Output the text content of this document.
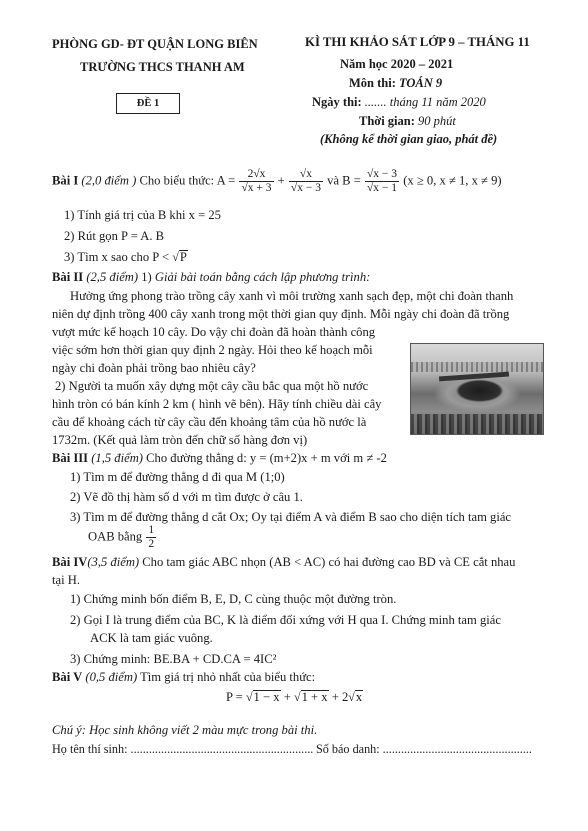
PHÒNG GD- ĐT QUẬN LONG BIÊN
TRƯỜNG THCS THANH AM
ĐỀ 1
KÌ THI KHẢO SÁT LỚP 9 – THÁNG 11
Năm học 2020 – 2021
Môn thi: TOÁN 9
Ngày thi: ....... tháng 11 năm 2020
Thời gian: 90 phút
(Không kể thời gian giao, phát đề)
Bài I (2,0 điểm ) Cho biểu thức: $A = \frac{2√x}{√x + 3} + \frac{√x}{√x - 3}$ và $B = \frac{√x - 3}{√x - 1} (x \ge 0$, x ≠ 1, x ≠ 9)
1) Tính giá trị của B khi x = 25
2) Rút gọn P = A. B
3) Tìm x sao cho P < √P
Bài II (2,5 điểm) 1) Giải bài toán bằng cách lập phương trình:
Hưởng ứng phong trào trồng cây xanh vì môi trường xanh sạch đẹp, một chi đoàn thanh
niên dự định trồng 400 cây xanh trong một thời gian quy định. Mỗi ngày chi đoàn đã trồng
vượt mức kế hoạch 10 cây. Do vậy chi đoàn đã hoàn thành công
việc sớm hơn thời gian quy định 2 ngày. Hỏi theo kế hoạch mỗi
ngày chi đoàn phải trồng bao nhiêu cây?
2) Người ta muốn xây dựng một cây cầu bắc qua một hồ nước
hình tròn có bán kính 2 km ( hình vẽ bên). Hãy tính chiều dài cây
cầu để khoảng cách từ cây cầu đến khoảng tâm của hồ nước là
1732m. (Kết quả làm tròn đến chữ số hàng đơn vị)
Bài III (1,5 điểm) Cho đường thẳng d: y = (m+2)x + m với m ≠ -2
1) Tìm m để đường thẳng d đi qua M (1;0)
2) Vẽ đồ thị hàm số d với m tìm được ở câu 1.
3) Tìm m để đường thẳng d cắt Ox; Oy tại điểm A và điểm B sao cho diện tích tam giác
OAB bằng $\frac{1}{2}$
Bài IV(3,5 điểm) Cho tam giác ABC nhọn (AB < AC) có hai đường cao BD và CE cắt nhau
tại H.
1) Chứng minh bốn điểm B, E, D, C cùng thuộc một đường tròn.
2) Gọi I là trung điểm của BC, K là điểm đối xứng với H qua I. Chứng minh tam giác
ACK là tam giác vuông.
3) Chứng minh: BE.BA + CD.CA = 4IC²
Bài V (0,5 điểm) Tìm giá trị nhỏ nhất của biểu thức:
P = √1 − x + √1 + x + 2√x
Chú ý: Học sinh không viết 2 màu mực trong bài thi.
Họ tên thí sinh: ............................................................ Số báo danh: .................................................
